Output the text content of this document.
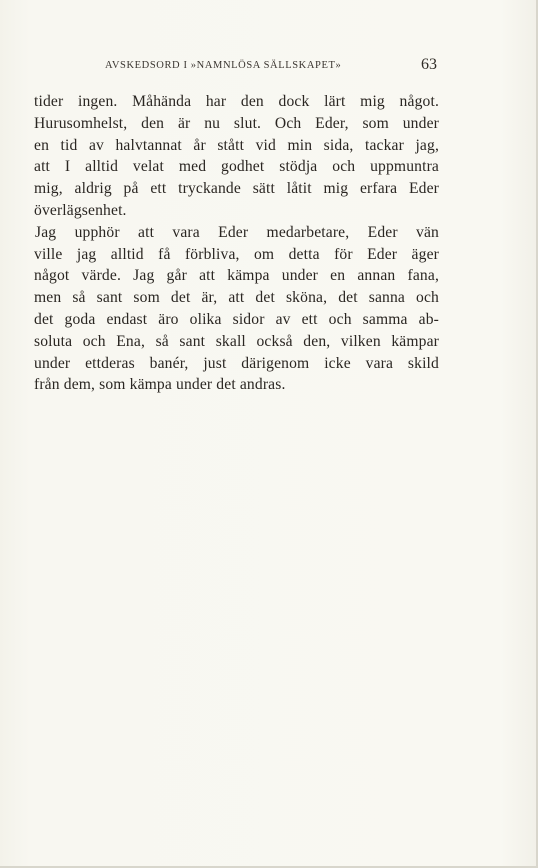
AVSKEDSORD I »NAMNLÖSA SÄLLSKAPET»	63
tider ingen. Måhända har den dock lärt mig något.
Hurusomhelst, den är nu slut. Och Eder, som under
en tid av halvtannat år stått vid min sida, tackar jag,
att I alltid velat med godhet stödja och uppmuntra
mig, aldrig på ett tryckande sätt låtit mig erfara Eder
överlägsenhet.
Jag upphör att vara Eder medarbetare, Eder vän
ville jag alltid få förbliva, om detta för Eder äger
något värde. Jag går att kämpa under en annan fana,
men så sant som det är, att det sköna, det sanna och
det goda endast äro olika sidor av ett och samma ab-
soluta och Ena, så sant skall också den, vilken kämpar
under ettderas banér, just därigenom icke vara skild
från dem, som kämpa under det andras.
